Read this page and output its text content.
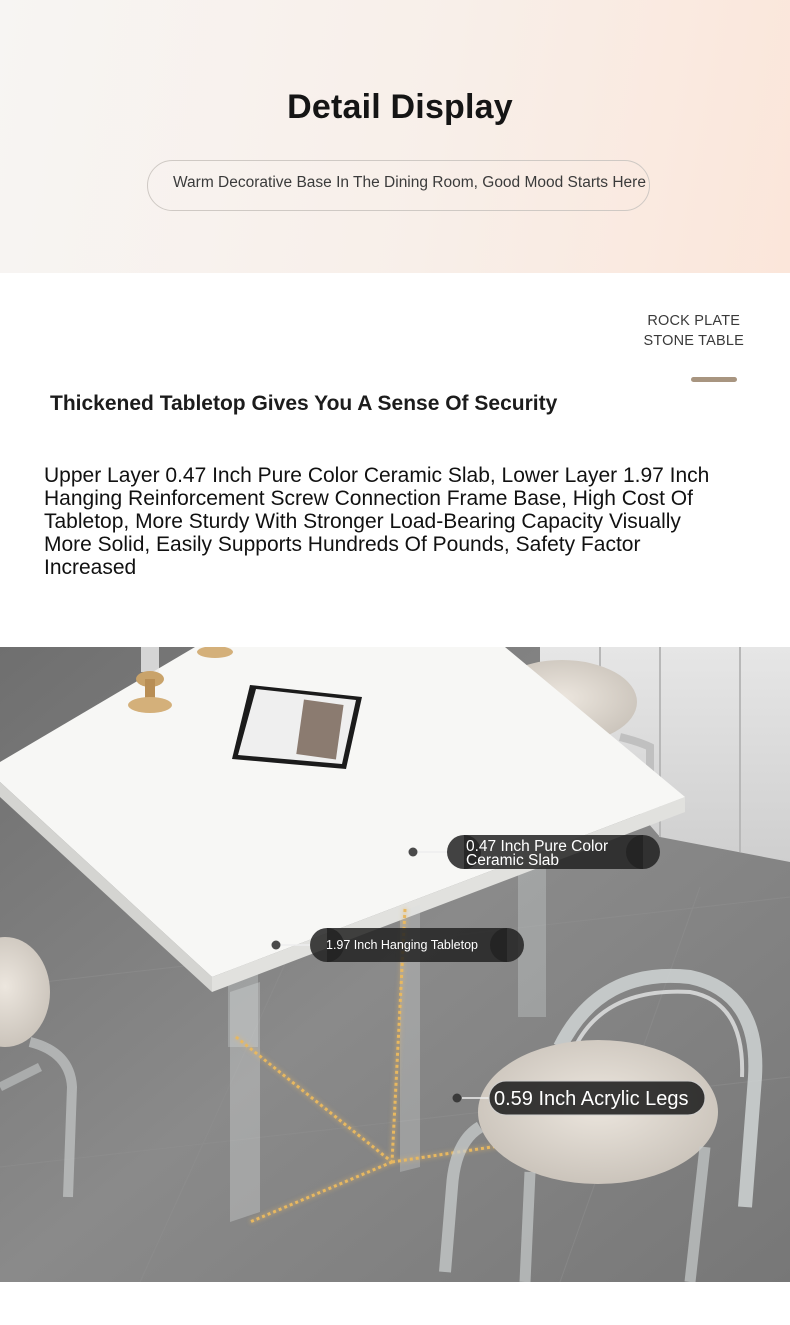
Detail Display
Warm Decorative Base In The Dining Room, Good Mood Starts Here
ROCK PLATE
STONE TABLE
Thickened Tabletop Gives You A Sense Of Security
Upper Layer 0.47 Inch Pure Color Ceramic Slab, Lower Layer 1.97 Inch Hanging Reinforcement Screw Connection Frame Base, High Cost Of Tabletop, More Sturdy With Stronger Load-Bearing Capacity Visually More Solid, Easily Supports Hundreds Of Pounds, Safety Factor Increased
0.47 Inch Pure Color
Ceramic Slab
1.97 Inch Hanging Tabletop
0.59 Inch Acrylic Legs
